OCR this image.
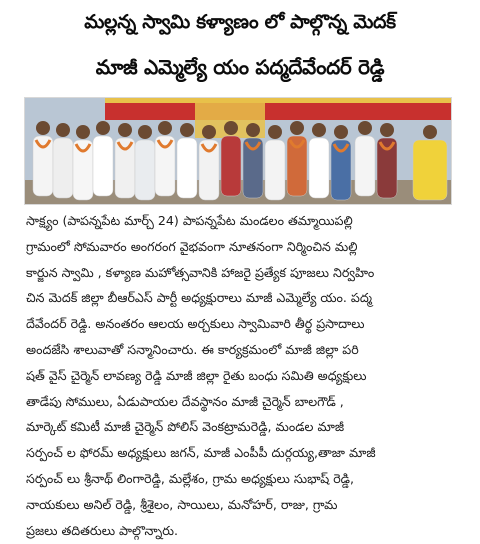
మల్లన్న స్వామి కళ్యాణం లో పాల్గొన్న మెదక్
మాజీ ఎమ్మెల్యే యం పద్మదేవేందర్ రెడ్డి
సాక్ష్యం (పాపన్నపేట మార్చ్ 24) పాపన్నపేట మండలం తమ్మాయిపల్లి
గ్రామంలో సోమవారం అంగరంగ వైభవంగా నూతనంగా నిర్మించిన మల్లి
కార్జున స్వామి , కళ్యాణ మహోత్సవానికి హాజరై ప్రత్యేక పూజలు నిర్వహిం
చిన మెదక్ జిల్లా బీఆర్ఎస్ పార్టీ అధ్యక్షురాలు మాజీ ఎమ్మెల్యే యం. పద్మ
దేవేందర్ రెడ్డి. అనంతరం ఆలయ అర్చకులు స్వామివారి తీర్థ ప్రసాదాలు
అందజేసి శాలువాతో సన్మానించారు. ఈ కార్యక్రమంలో మాజీ జిల్లా పరి
షత్ వైస్ చైర్మెన్ లావణ్య రెడ్డి మాజీ జిల్లా రైతు బంధు సమితి అధ్యక్షులు
తాడేపు సోములు, ఏడుపాయల దేవస్థానం మాజీ చైర్మెన్ బాలగౌడ్ ,
మార్కెట్ కమిటీ మాజీ చైర్మెన్ పోలిస్ వెంకట్రామరెడ్డి, మండల మాజీ
సర్పంచ్ ల ఫోరమ్ అధ్యక్షులు జగన్, మాజీ ఎంపీపీ దుర్గయ్య,తాజా మాజీ
సర్పంచ్ లు శ్రీనాథ్ లింగారెడ్డి, మల్లేశం, గ్రామ అధ్యక్షులు సుభాష్ రెడ్డి,
నాయకులు అనిల్ రెడ్డి, శ్రీశైలం, సాయిలు, మనోహర్, రాజు, గ్రామ
ప్రజలు తదితరులు పాల్గొన్నారు.
